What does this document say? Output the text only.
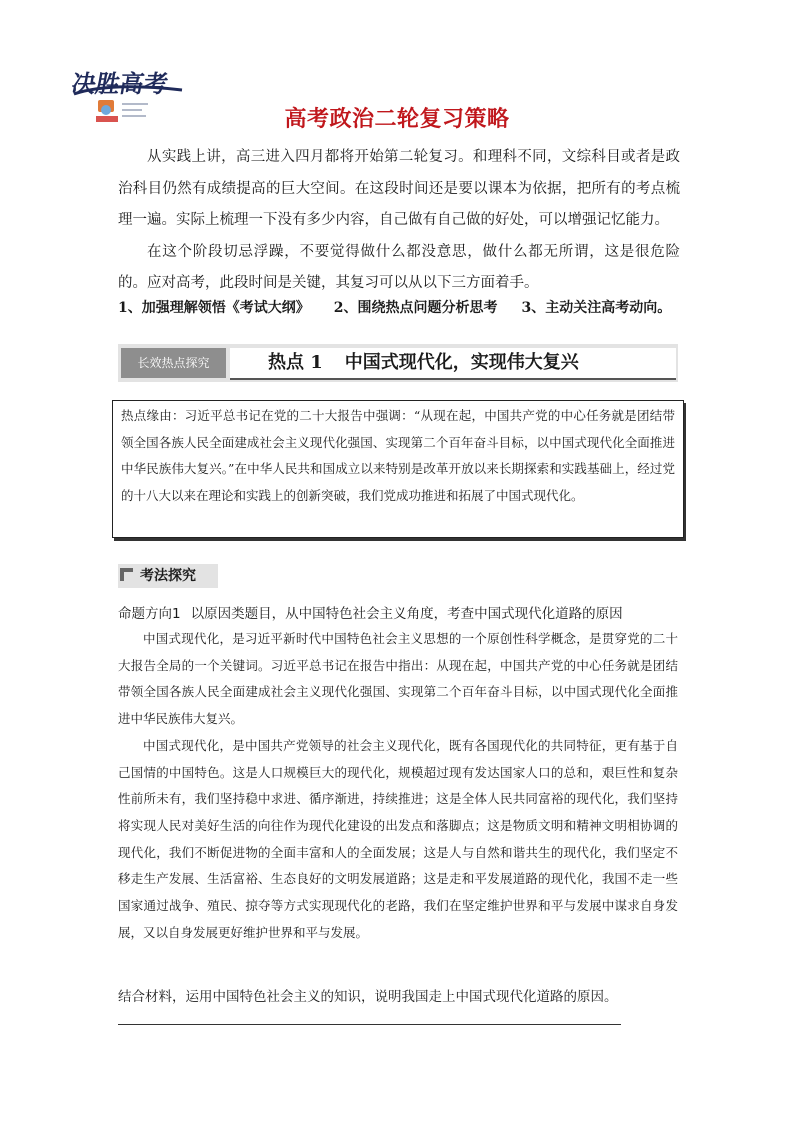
决胜高考
高考政治二轮复习策略

从实践上讲，高三进入四月都将开始第二轮复习。和理科不同，文综科目或者是政治科目仍然有成绩提高的巨大空间。在这段时间还是要以课本为依据，把所有的考点梳理一遍。实际上梳理一下没有多少内容，自己做有自己做的好处，可以增强记忆能力。

在这个阶段切忌浮躁，不要觉得做什么都没意思，做什么都无所谓，这是很危险的。应对高考，此段时间是关键，其复习可以从以下三方面着手。

1、加强理解领悟《考试大纲》 2、围绕热点问题分析思考 3、主动关注高考动向。
长效热点探究	热点 1 中国式现代化，实现伟大复兴
热点缘由：习近平总书记在党的二十大报告中强调：“从现在起，中国共产党的中心任务就是团结带领全国各族人民全面建成社会主义现代化强国、实现第二个百年奋斗目标，以中国式现代化全面推进中华民族伟大复兴。”在中华人民共和国成立以来特别是改革开放以来长期探索和实践基础上，经过党的十八大以来在理论和实践上的创新突破，我们党成功推进和拓展了中国式现代化。
考法探究
命题方向1 以原因类题目，从中国特色社会主义角度，考查中国式现代化道路的原因

中国式现代化，是习近平新时代中国特色社会主义思想的一个原创性科学概念，是贯穿党的二十大报告全局的一个关键词。习近平总书记在报告中指出：从现在起，中国共产党的中心任务就是团结带领全国各族人民全面建成社会主义现代化强国、实现第二个百年奋斗目标，以中国式现代化全面推进中华民族伟大复兴。

中国式现代化，是中国共产党领导的社会主义现代化，既有各国现代化的共同特征，更有基于自己国情的中国特色。这是人口规模巨大的现代化，规模超过现有发达国家人口的总和，艰巨性和复杂性前所未有，我们坚持稳中求进、循序渐进，持续推进；这是全体人民共同富裕的现代化，我们坚持将实现人民对美好生活的向往作为现代化建设的出发点和落脚点；这是物质文明和精神文明相协调的现代化，我们不断促进物的全面丰富和人的全面发展；这是人与自然和谐共生的现代化，我们坚定不移走生产发展、生活富裕、生态良好的文明发展道路；这是走和平发展道路的现代化，我国不走一些国家通过战争、殖民、掠夺等方式实现现代化的老路，我们在坚定维护世界和平与发展中谋求自身发展，又以自身发展更好维护世界和平与发展。

结合材料，运用中国特色社会主义的知识，说明我国走上中国式现代化道路的原因。
